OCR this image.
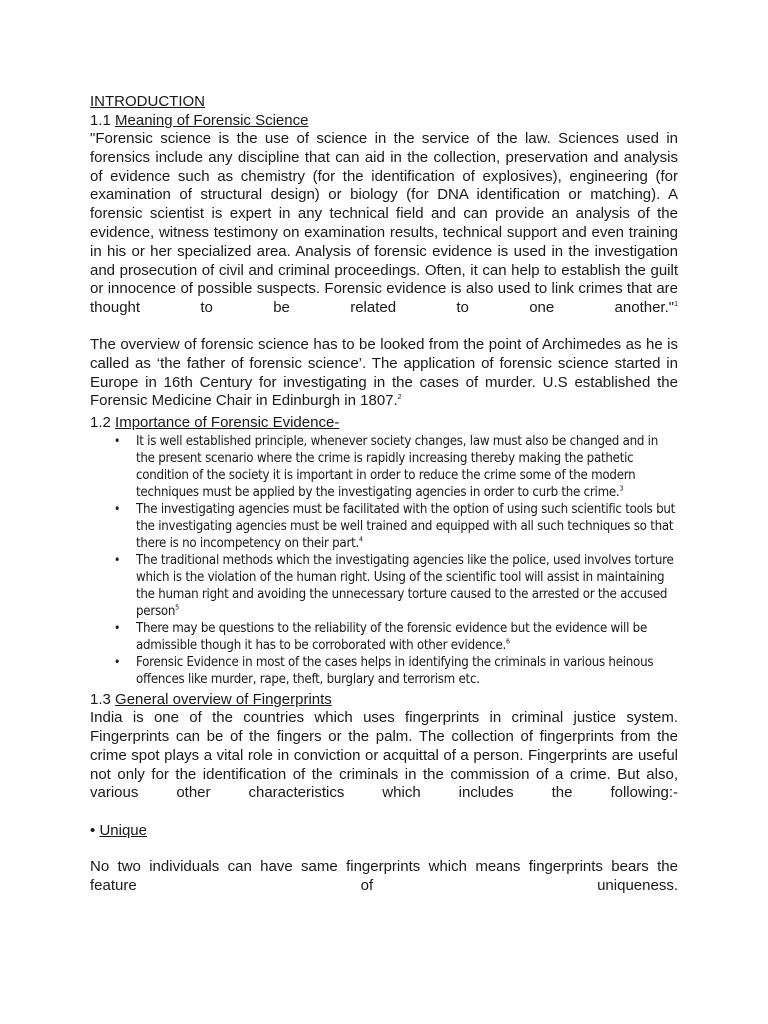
INTRODUCTION
1.1 Meaning of Forensic Science

"Forensic science is the use of science in the service of the law. Sciences used in forensics include any discipline that can aid in the collection, preservation and analysis of evidence such as chemistry (for the identification of explosives), engineering (for examination of structural design) or biology (for DNA identification or matching). A forensic scientist is expert in any technical field and can provide an analysis of the evidence, witness testimony on examination results, technical support and even training in his or her specialized area. Analysis of forensic evidence is used in the investigation and prosecution of civil and criminal proceedings. Often, it can help to establish the guilt or innocence of possible suspects. Forensic evidence is also used to link crimes that are thought to be related to one another."$^1$

The overview of forensic science has to be looked from the point of Archimedes as he is called as ‘the father of forensic science’. The application of forensic science started in Europe in 16th Century for investigating in the cases of murder. U.S established the Forensic Medicine Chair in Edinburgh in 1807.$^2$

1.2 Importance of Forensic Evidence-
• It is well established principle, whenever society changes, law must also be changed and in the present scenario where the crime is rapidly increasing thereby making the pathetic condition of the society it is important in order to reduce the crime some of the modern techniques must be applied by the investigating agencies in order to curb the crime.$^3$
• The investigating agencies must be facilitated with the option of using such scientific tools but the investigating agencies must be well trained and equipped with all such techniques so that there is no incompetency on their part.$^4$
• The traditional methods which the investigating agencies like the police, used involves torture which is the violation of the human right. Using of the scientific tool will assist in maintaining the human right and avoiding the unnecessary torture caused to the arrested or the accused person$^5$
• There may be questions to the reliability of the forensic evidence but the evidence will be admissible though it has to be corroborated with other evidence.$^6$
• Forensic Evidence in most of the cases helps in identifying the criminals in various heinous offences like murder, rape, theft, burglary and terrorism etc.
1.3 General overview of Fingerprints

India is one of the countries which uses fingerprints in criminal justice system. Fingerprints can be of the fingers or the palm. The collection of fingerprints from the crime spot plays a vital role in conviction or acquittal of a person. Fingerprints are useful not only for the identification of the criminals in the commission of a crime. But also, various other characteristics which includes the following:-

• Unique

No two individuals can have same fingerprints which means fingerprints bears the feature of uniqueness.
